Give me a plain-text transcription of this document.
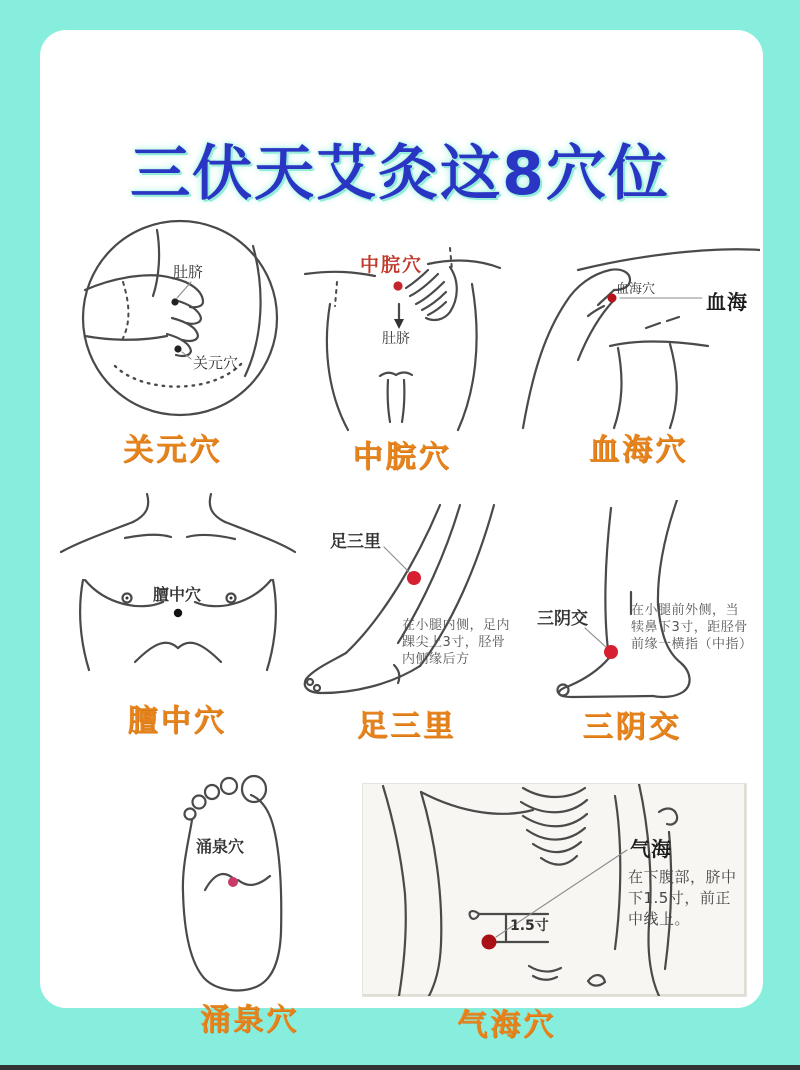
三伏天艾灸这8穴位
肚脐
关元穴
关元穴
中脘穴
肚脐
中脘穴
血海穴
血海
血海穴
膻中穴
膻中穴
足三里
在小腿内侧，足内踝尖上3寸，胫骨内侧缘后方
足三里
三阴交	在小腿前外侧，当犊鼻下3寸，距胫骨前缘一横指（中指）
三阴交
涌泉穴
涌泉穴
1.5寸
气海
在下腹部，脐中下1.5寸，前正中线上。
气海穴
